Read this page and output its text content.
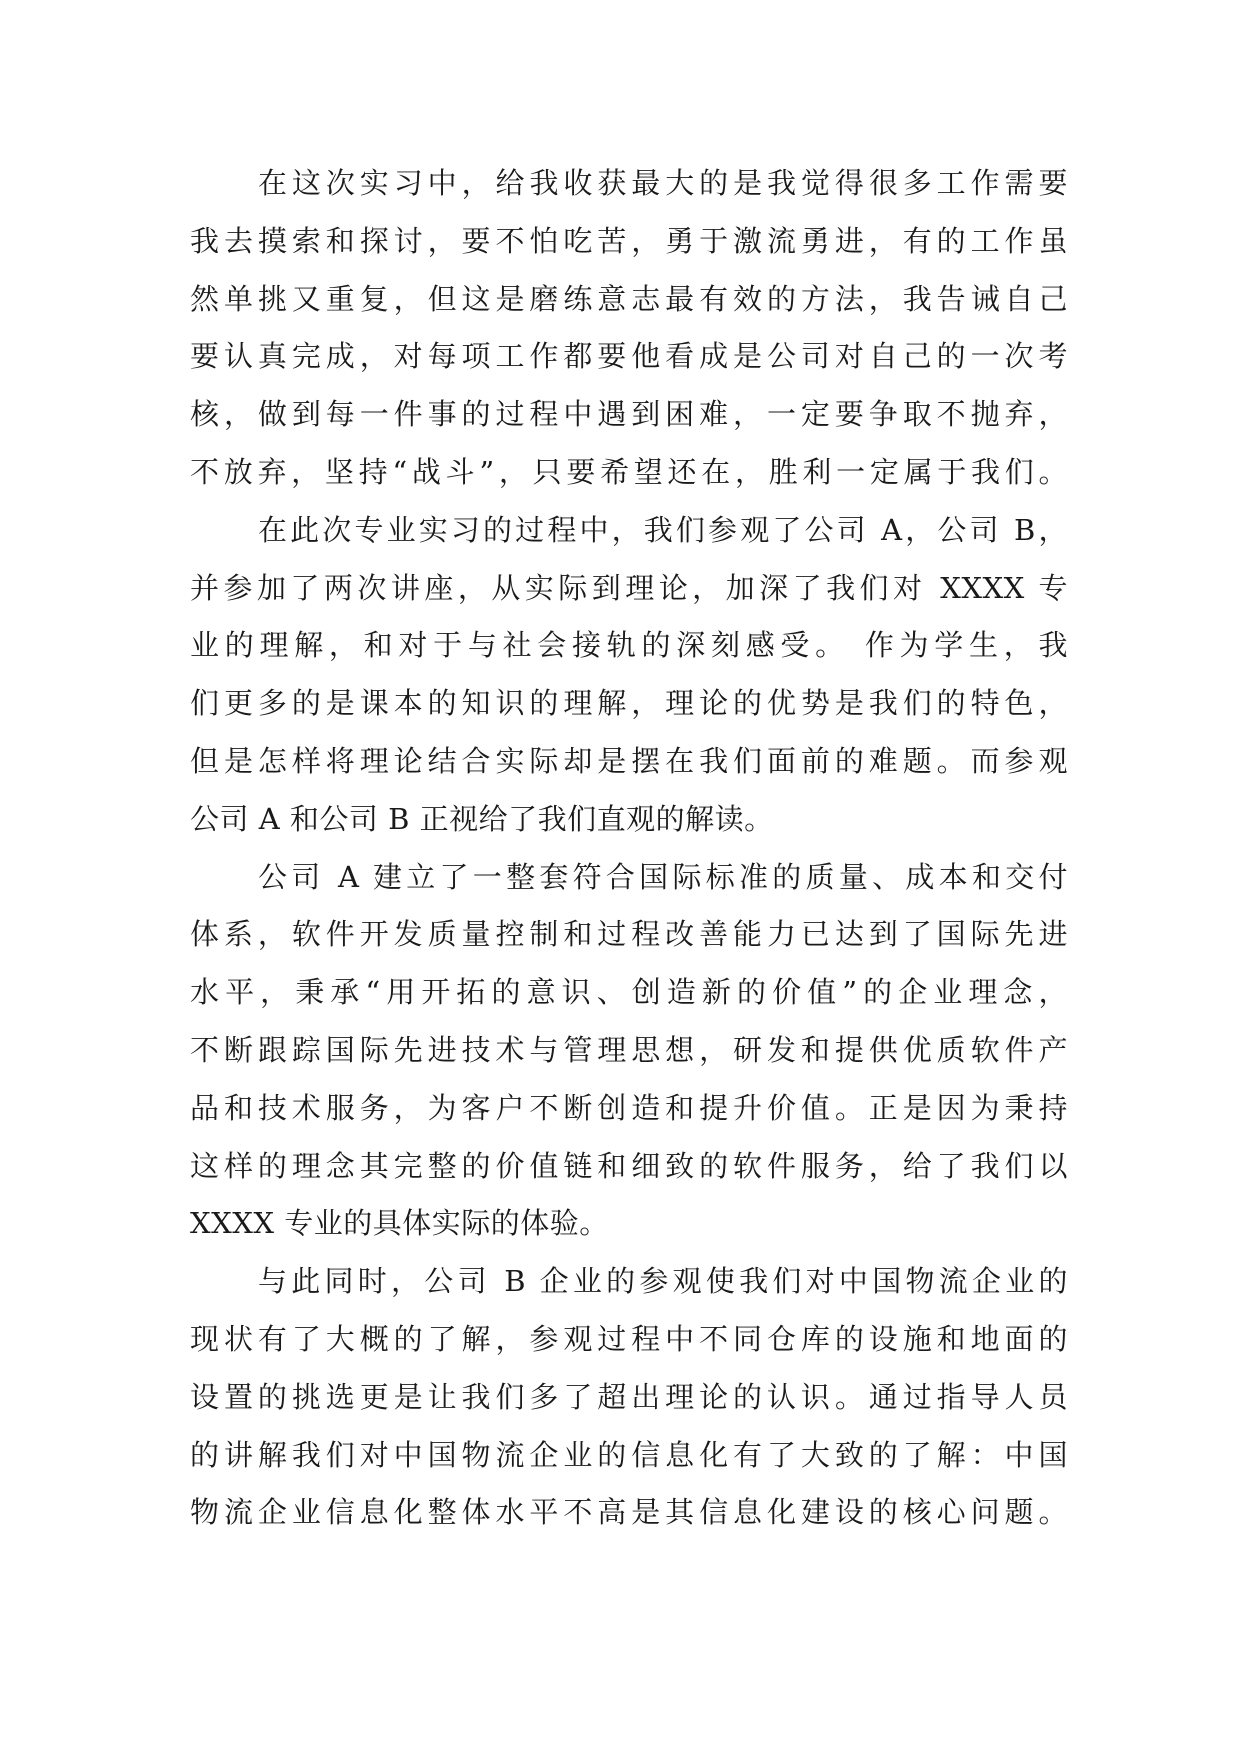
在这次实习中，给我收获最大的是我觉得很多工作需要
我去摸索和探讨，要不怕吃苦，勇于激流勇进，有的工作虽
然单挑又重复，但这是磨练意志最有效的方法，我告诫自己
要认真完成，对每项工作都要他看成是公司对自己的一次考
核，做到每一件事的过程中遇到困难，一定要争取不抛弃，
不放弃，坚持“战斗”，只要希望还在，胜利一定属于我们。
在此次专业实习的过程中，我们参观了公司 A，公司 B，
并参加了两次讲座，从实际到理论，加深了我们对 XXXX 专
业的理解，和对于与社会接轨的深刻感受。 作为学生，我
们更多的是课本的知识的理解，理论的优势是我们的特色，
但是怎样将理论结合实际却是摆在我们面前的难题。而参观
公司 A 和公司 B 正视给了我们直观的解读。
公司 A 建立了一整套符合国际标准的质量、成本和交付
体系，软件开发质量控制和过程改善能力已达到了国际先进
水平，秉承“用开拓的意识、创造新的价值”的企业理念，
不断跟踪国际先进技术与管理思想，研发和提供优质软件产
品和技术服务，为客户不断创造和提升价值。正是因为秉持
这样的理念其完整的价值链和细致的软件服务，给了我们以
XXXX 专业的具体实际的体验。
与此同时，公司 B 企业的参观使我们对中国物流企业的
现状有了大概的了解，参观过程中不同仓库的设施和地面的
设置的挑选更是让我们多了超出理论的认识。通过指导人员
的讲解我们对中国物流企业的信息化有了大致的了解：中国
物流企业信息化整体水平不高是其信息化建设的核心问题。
